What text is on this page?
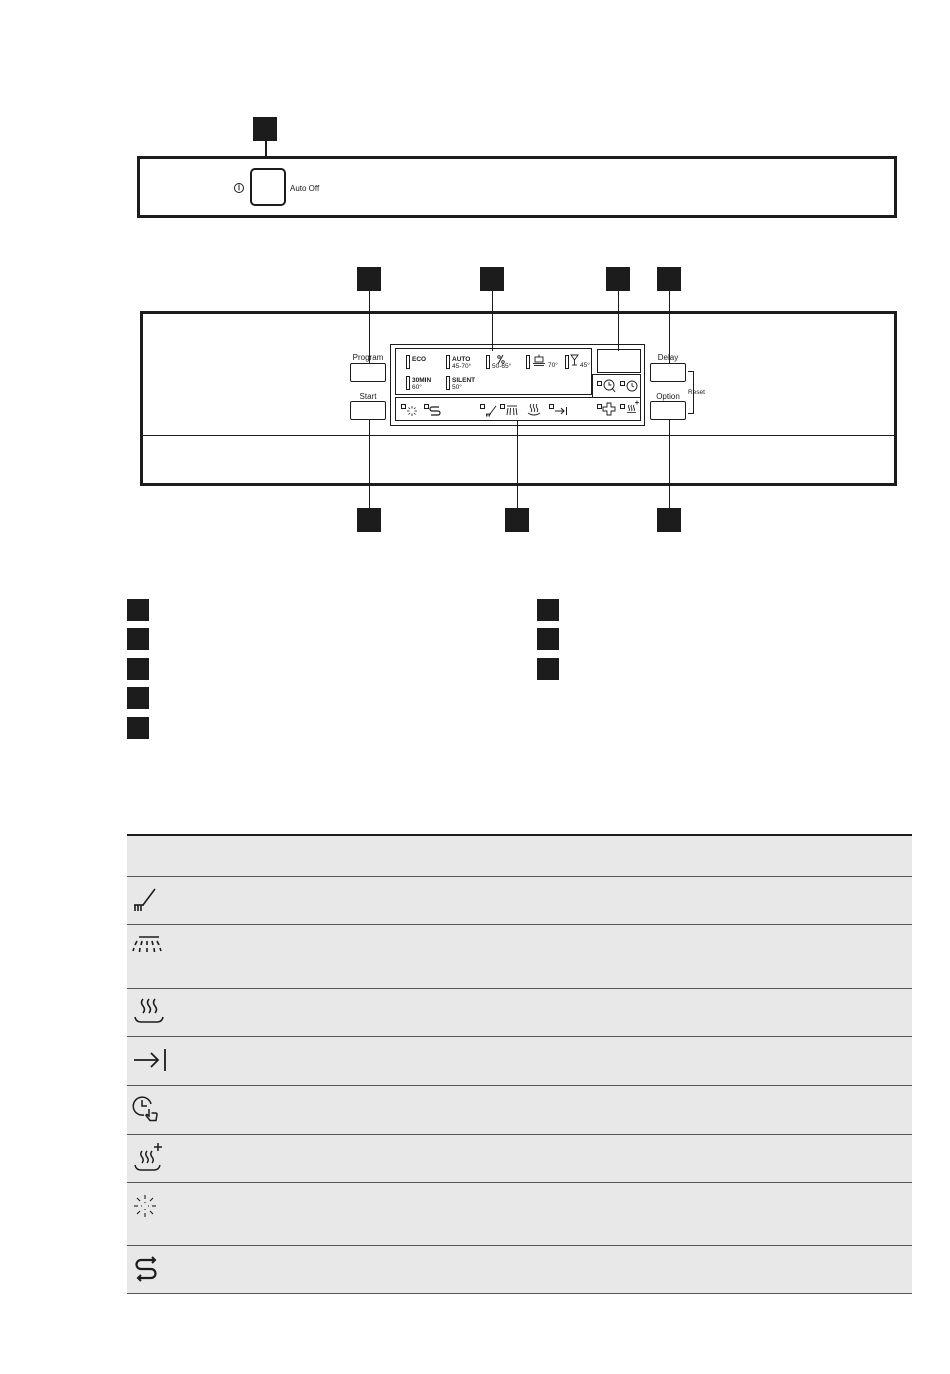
Auto Off
Program
Start
Delay
Option Reset
ECO	AUTO
45-70°	50-65°	70°	45°
30MIN
60°
SILENT
50°
